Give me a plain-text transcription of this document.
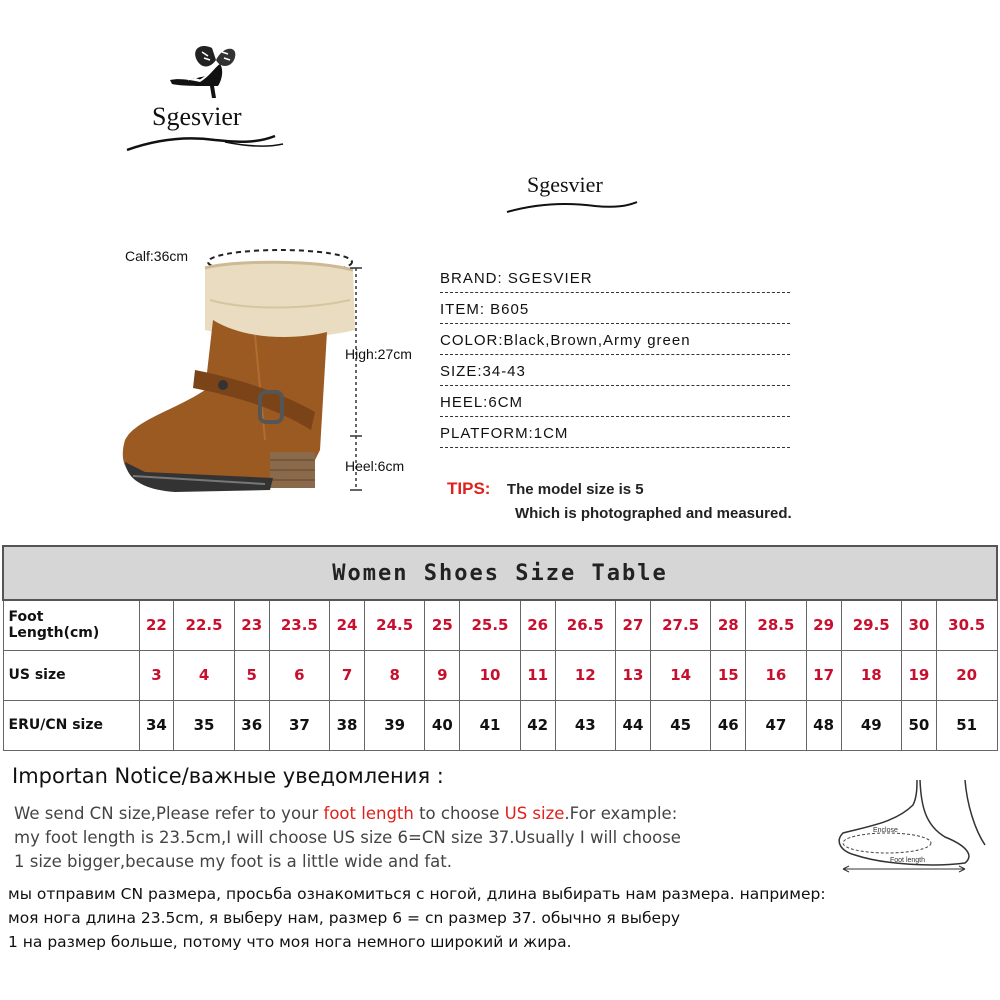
Sgesvier
Sgesvier
Calf:36cm
High:27cm
Heel:6cm
BRAND: SGESVIER
ITEM: B605
COLOR:Black,Brown,Army green
SIZE:34-43
HEEL:6CM
PLATFORM:1CM
TIPS: The model size is 5
Which is photographed and measured.
Women Shoes Size Table																		
Foot Length(cm)	22	22.5	23	23.5	24	24.5	25	25.5	26	26.5	27	27.5	28	28.5	29	29.5	30	30.5
US size	3	4	5	6	7	8	9	10	11	12	13	14	15	16	17	18	19	20
ERU/CN size	34	35	36	37	38	39	40	41	42	43	44	45	46	47	48	49	50	51
Importan Notice/важные уведомления :
We send CN size,Please refer to your foot length to choose US size.For example:
my foot length is 23.5cm,I will choose US size 6=CN size 37.Usually I will choose
1 size bigger,because my foot is a little wide and fat.
мы отправим CN размера, просьба ознакомиться с ногой, длина выбирать нам размера. например:
моя нога длина 23.5cm, я выберу нам, размер 6 = cn размер 37. обычно я выберу
1 на размер больше, потому что моя нога немного широкий и жира.
Enclose
Foot length
